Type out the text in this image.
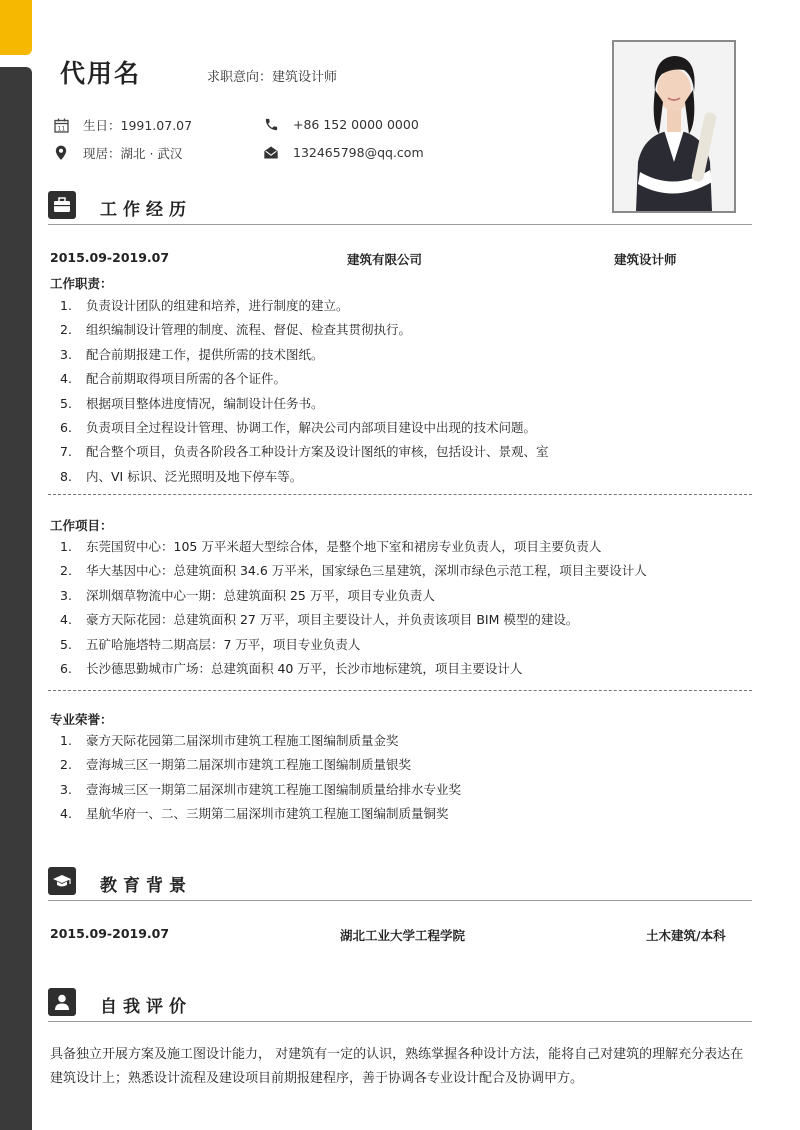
代用名	求职意向：建筑设计师
11 生日：1991.07.07	+86 152 0000 0000
现居：湖北 · 武汉	132465798@qq.com
工作经历
2015.09-2019.07	建筑有限公司	建筑设计师
工作职责：
1.	负责设计团队的组建和培养，进行制度的建立。
2.	组织编制设计管理的制度、流程、督促、检查其贯彻执行。
3.	配合前期报建工作，提供所需的技术图纸。
4.	配合前期取得项目所需的各个证件。
5.	根据项目整体进度情况，编制设计任务书。
6.	负责项目全过程设计管理、协调工作，解决公司内部项目建设中出现的技术问题。
7.	配合整个项目，负责各阶段各工种设计方案及设计图纸的审核，包括设计、景观、室
8.	内、VI 标识、泛光照明及地下停车等。
工作项目：
1.	东莞国贸中心：105 万平米超大型综合体，是整个地下室和裙房专业负责人，项目主要负责人
2.	华大基因中心：总建筑面积 34.6 万平米，国家绿色三星建筑，深圳市绿色示范工程，项目主要设计人
3.	深圳烟草物流中心一期：总建筑面积 25 万平，项目专业负责人
4.	豪方天际花园：总建筑面积 27 万平，项目主要设计人，并负责该项目 BIM 模型的建设。
5.	五矿哈施塔特二期高层：7 万平，项目专业负责人
6.	长沙德思勤城市广场：总建筑面积 40 万平，长沙市地标建筑，项目主要设计人
专业荣誉：
1.	豪方天际花园第二届深圳市建筑工程施工图编制质量金奖
2.	壹海城三区一期第二届深圳市建筑工程施工图编制质量银奖
3.	壹海城三区一期第二届深圳市建筑工程施工图编制质量给排水专业奖
4.	星航华府一、二、三期第二届深圳市建筑工程施工图编制质量铜奖
教育背景
2015.09-2019.07	湖北工业大学工程学院	土木建筑/本科
自我评价
具备独立开展方案及施工图设计能力， 对建筑有一定的认识，熟练掌握各种设计方法，能将自己对建筑的理解充分表达在建筑设计上；熟悉设计流程及建设项目前期报建程序，善于协调各专业设计配合及协调甲方。
